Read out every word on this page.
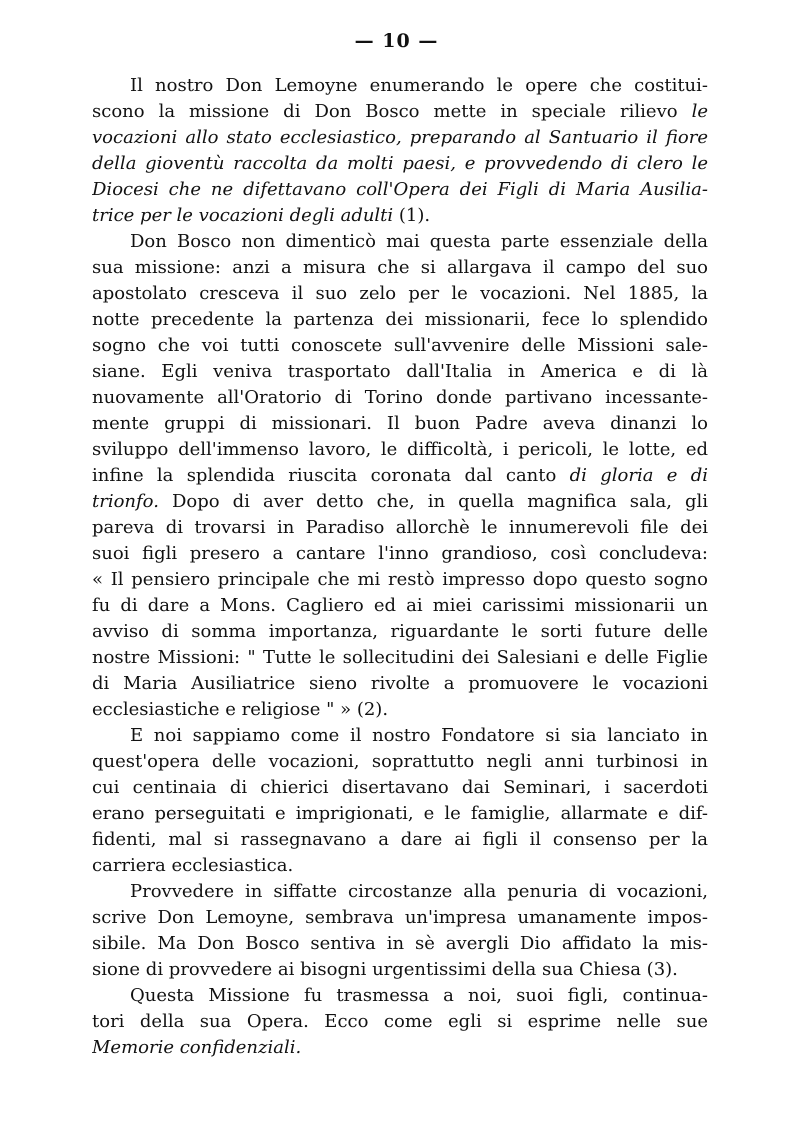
— 10 —
Il nostro Don Lemoyne enumerando le opere che costitui-
scono la missione di Don Bosco mette in speciale rilievo le
vocazioni allo stato ecclesiastico, preparando al Santuario il fiore
della gioventù raccolta da molti paesi, e provvedendo di clero le
Diocesi che ne difettavano coll'Opera dei Figli di Maria Ausilia-
trice per le vocazioni degli adulti (1).
Don Bosco non dimenticò mai questa parte essenziale della
sua missione: anzi a misura che si allargava il campo del suo
apostolato cresceva il suo zelo per le vocazioni. Nel 1885, la
notte precedente la partenza dei missionarii, fece lo splendido
sogno che voi tutti conoscete sull'avvenire delle Missioni sale-
siane. Egli veniva trasportato dall'Italia in America e di là
nuovamente all'Oratorio di Torino donde partivano incessante-
mente gruppi di missionari. Il buon Padre aveva dinanzi lo
sviluppo dell'immenso lavoro, le difficoltà, i pericoli, le lotte, ed
infine la splendida riuscita coronata dal canto di gloria e di
trionfo. Dopo di aver detto che, in quella magnifica sala, gli
pareva di trovarsi in Paradiso allorchè le innumerevoli file dei
suoi figli presero a cantare l'inno grandioso, così concludeva:
« Il pensiero principale che mi restò impresso dopo questo sogno
fu di dare a Mons. Cagliero ed ai miei carissimi missionarii un
avviso di somma importanza, riguardante le sorti future delle
nostre Missioni: " Tutte le sollecitudini dei Salesiani e delle Figlie
di Maria Ausiliatrice sieno rivolte a promuovere le vocazioni
ecclesiastiche e religiose " » (2).
E noi sappiamo come il nostro Fondatore si sia lanciato in
quest'opera delle vocazioni, soprattutto negli anni turbinosi in
cui centinaia di chierici disertavano dai Seminari, i sacerdoti
erano perseguitati e imprigionati, e le famiglie, allarmate e dif-
fidenti, mal si rassegnavano a dare ai figli il consenso per la
carriera ecclesiastica.
Provvedere in siffatte circostanze alla penuria di vocazioni,
scrive Don Lemoyne, sembrava un'impresa umanamente impos-
sibile. Ma Don Bosco sentiva in sè avergli Dio affidato la mis-
sione di provvedere ai bisogni urgentissimi della sua Chiesa (3).
Questa Missione fu trasmessa a noi, suoi figli, continua-
tori della sua Opera. Ecco come egli si esprime nelle sue
Memorie confidenziali.
